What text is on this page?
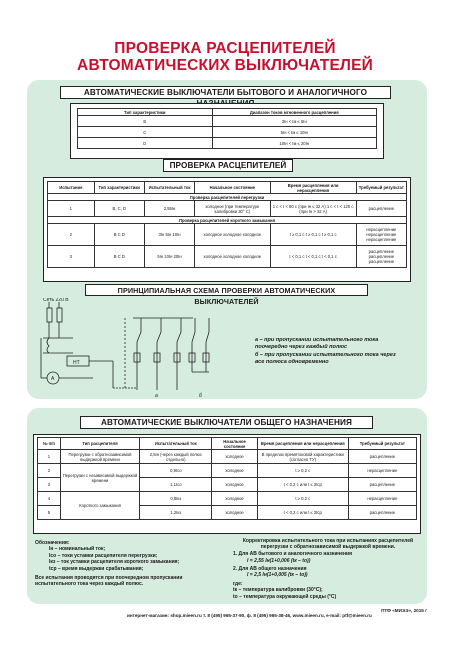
ПРОВЕРКА РАСЦЕПИТЕЛЕЙ
АВТОМАТИЧЕСКИХ ВЫКЛЮЧАТЕЛЕЙ
АВТОМАТИЧЕСКИЕ ВЫКЛЮЧАТЕЛИ БЫТОВОГО И АНАЛОГИЧНОГО
Тип характеристики	Диапазон токов мгновенного расцепления
B	3Iн < Iм ≤ 5Iн
C	5Iн < Iм ≤ 10Iн
D	10Iн < Iм ≤ 20Iн
ПРОВЕРКА РАСЦЕПИТЕЛЕЙ
Испытание	Тип характеристики	Испытательный ток	Начальное состояние	Время расцепления или нерасцепления	Требуемый результат
Проверка расцепителей перегрузки					
1	B, C, D	2,55Iн	холодное (при температуре калибровки 30° C)	1 с < t < 60 с (при Iн ≤ 32 А) 1 с < t < 120 с (при Iн > 32 А)	расцепление
Проверка расцепителей короткого замыкания					
2	B C D	3Iн 5Iн 10Iн	холодное холодное холодное	t ≥ 0,1 с t ≥ 0,1 с t ≥ 0,1 с	нерасцепление нерасцепление нерасцепление
3	B C D	5Iн 10Iн 20Iн	холодное холодное холодное	t < 0,1 с t < 0,1 с t < 0,1 с	расцепление расцепление расцепление
ПРИНЦИПИАЛЬНАЯ СХЕМА ПРОВЕРКИ АВТОМАТИЧЕСКИХ ВЫКЛЮЧАТЕЛЕЙ
Сеть 220 В
НТ
а	б
A
а – при пропускании испытательного тока поочередно через каждый полюс
б – при пропускании испытательного тока через все полюса одновременно
АВТОМАТИЧЕСКИЕ ВЫКЛЮЧАТЕЛИ ОБЩЕГО НАЗНАЧЕНИЯ
№ п/п	Тип расцепителя	Испытательный ток	Начальное состояние	Время расцепления или нерасцепления	Требуемый результат
1	Перегрузки с обратнозависимой выдержкой времени	2,5Iн (через каждый полюс отдельно)	холодное	В пределах времятоковой характеристики (согласно ТУ)	расцепление
2	Перегрузки с независимой выдержкой времени	0,9Iсо	холодное	t ≥ 0,2 с	нерасцепление
3		1,1Iсо	холодное	t < 0,2 с или t ≤ 2tср	расцепление
4	Короткого замыкания	0,8Iкз	холодное	t ≥ 0,2 с	нерасцепление
5		1,2Iкз	холодное	t < 0,2 с или t ≤ 2tср	расцепление
Обозначения:
Iн – номинальный ток;
Iсо – токи уставки расцепителя перегрузки;
Iкз – ток уставки расцепителя короткого замыкания;
tср – время выдержки срабатывания;
Все испытания проводятся при поочередном пропускании испытательного тока через каждый полюс.
Корректировка испытательного тока при испытаниях расцепителей перегрузки с обратнозависимой выдержкой времени.
1. Для АВ бытового и аналогичного назначения
I = 2,55 Iн(1+0,006 (tк – tо))
2. Для АВ общего назначения
I = 2,5 Iн(1+0,005 (tк – tо))
где:
tк – температура калибровки (30°C);
tо – температура окружающей среды (°C)
ПТФ «МИЭЭ», 2015 г
интернет-магазин: shop.mieen.ru т. 8 (495) 965-37-90, ф. 8 (495) 965-38-46, www.mieen.ru, e-mail: ptf@mieen.ru
